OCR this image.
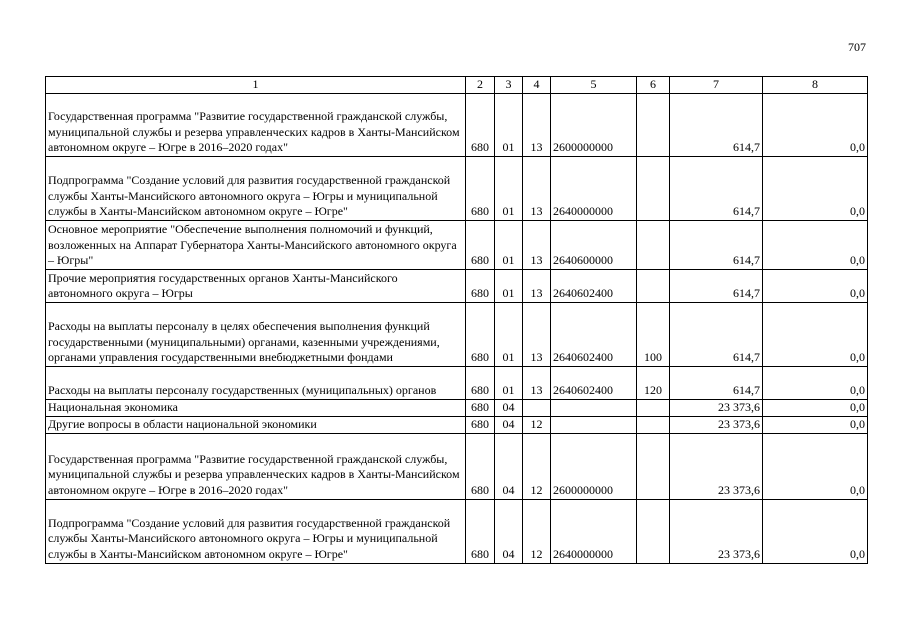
707
1	2	3	4	5	6	7	8
Государственная программа "Развитие государственной гражданской службы, муниципальной службы и резерва управленческих кадров в Ханты-Мансийском автономном округе – Югре в 2016–2020 годах"	680	01	13	2600000000		614,7	0,0
Подпрограмма "Создание условий для развития государственной гражданской службы Ханты-Мансийского автономного округа – Югры и муниципальной службы в Ханты-Мансийском автономном округе – Югре"	680	01	13	2640000000		614,7	0,0
Основное мероприятие "Обеспечение выполнения полномочий и функций, возложенных на Аппарат Губернатора Ханты-Мансийского автономного округа – Югры"	680	01	13	2640600000		614,7	0,0
Прочие мероприятия государственных органов Ханты-Мансийского автономного округа – Югры	680	01	13	2640602400		614,7	0,0
Расходы на выплаты персоналу в целях обеспечения выполнения функций государственными (муниципальными) органами, казенными учреждениями, органами управления государственными внебюджетными фондами	680	01	13	2640602400	100	614,7	0,0
Расходы на выплаты персоналу государственных (муниципальных) органов	680	01	13	2640602400	120	614,7	0,0
Национальная экономика	680	04				23 373,6	0,0
Другие вопросы в области национальной экономики	680	04	12			23 373,6	0,0
Государственная программа "Развитие государственной гражданской службы, муниципальной службы и резерва управленческих кадров в Ханты-Мансийском автономном округе – Югре в 2016–2020 годах"	680	04	12	2600000000		23 373,6	0,0
Подпрограмма "Создание условий для развития государственной гражданской службы Ханты-Мансийского автономного округа – Югры и муниципальной службы в Ханты-Мансийском автономном округе – Югре"	680	04	12	2640000000		23 373,6	0,0
